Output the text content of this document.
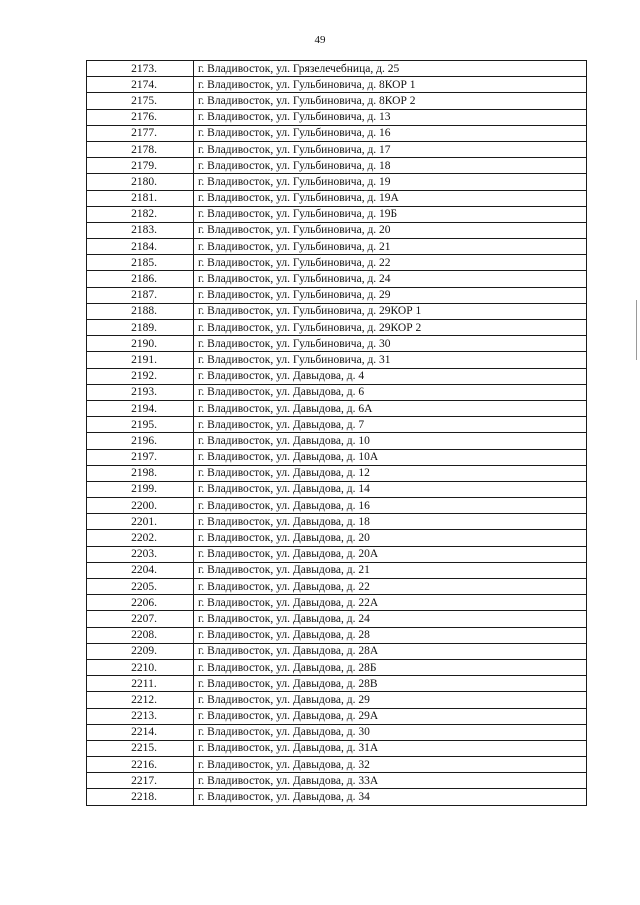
49
2173.	г. Владивосток, ул. Грязелечебница, д. 25
2174.	г. Владивосток, ул. Гульбиновича, д. 8КОР 1
2175.	г. Владивосток, ул. Гульбиновича, д. 8КОР 2
2176.	г. Владивосток, ул. Гульбиновича, д. 13
2177.	г. Владивосток, ул. Гульбиновича, д. 16
2178.	г. Владивосток, ул. Гульбиновича, д. 17
2179.	г. Владивосток, ул. Гульбиновича, д. 18
2180.	г. Владивосток, ул. Гульбиновича, д. 19
2181.	г. Владивосток, ул. Гульбиновича, д. 19А
2182.	г. Владивосток, ул. Гульбиновича, д. 19Б
2183.	г. Владивосток, ул. Гульбиновича, д. 20
2184.	г. Владивосток, ул. Гульбиновича, д. 21
2185.	г. Владивосток, ул. Гульбиновича, д. 22
2186.	г. Владивосток, ул. Гульбиновича, д. 24
2187.	г. Владивосток, ул. Гульбиновича, д. 29
2188.	г. Владивосток, ул. Гульбиновича, д. 29КОР 1
2189.	г. Владивосток, ул. Гульбиновича, д. 29КОР 2
2190.	г. Владивосток, ул. Гульбиновича, д. 30
2191.	г. Владивосток, ул. Гульбиновича, д. 31
2192.	г. Владивосток, ул. Давыдова, д. 4
2193.	г. Владивосток, ул. Давыдова, д. 6
2194.	г. Владивосток, ул. Давыдова, д. 6А
2195.	г. Владивосток, ул. Давыдова, д. 7
2196.	г. Владивосток, ул. Давыдова, д. 10
2197.	г. Владивосток, ул. Давыдова, д. 10А
2198.	г. Владивосток, ул. Давыдова, д. 12
2199.	г. Владивосток, ул. Давыдова, д. 14
2200.	г. Владивосток, ул. Давыдова, д. 16
2201.	г. Владивосток, ул. Давыдова, д. 18
2202.	г. Владивосток, ул. Давыдова, д. 20
2203.	г. Владивосток, ул. Давыдова, д. 20А
2204.	г. Владивосток, ул. Давыдова, д. 21
2205.	г. Владивосток, ул. Давыдова, д. 22
2206.	г. Владивосток, ул. Давыдова, д. 22А
2207.	г. Владивосток, ул. Давыдова, д. 24
2208.	г. Владивосток, ул. Давыдова, д. 28
2209.	г. Владивосток, ул. Давыдова, д. 28А
2210.	г. Владивосток, ул. Давыдова, д. 28Б
2211.	г. Владивосток, ул. Давыдова, д. 28В
2212.	г. Владивосток, ул. Давыдова, д. 29
2213.	г. Владивосток, ул. Давыдова, д. 29А
2214.	г. Владивосток, ул. Давыдова, д. 30
2215.	г. Владивосток, ул. Давыдова, д. 31А
2216.	г. Владивосток, ул. Давыдова, д. 32
2217.	г. Владивосток, ул. Давыдова, д. 33А
2218.	г. Владивосток, ул. Давыдова, д. 34
